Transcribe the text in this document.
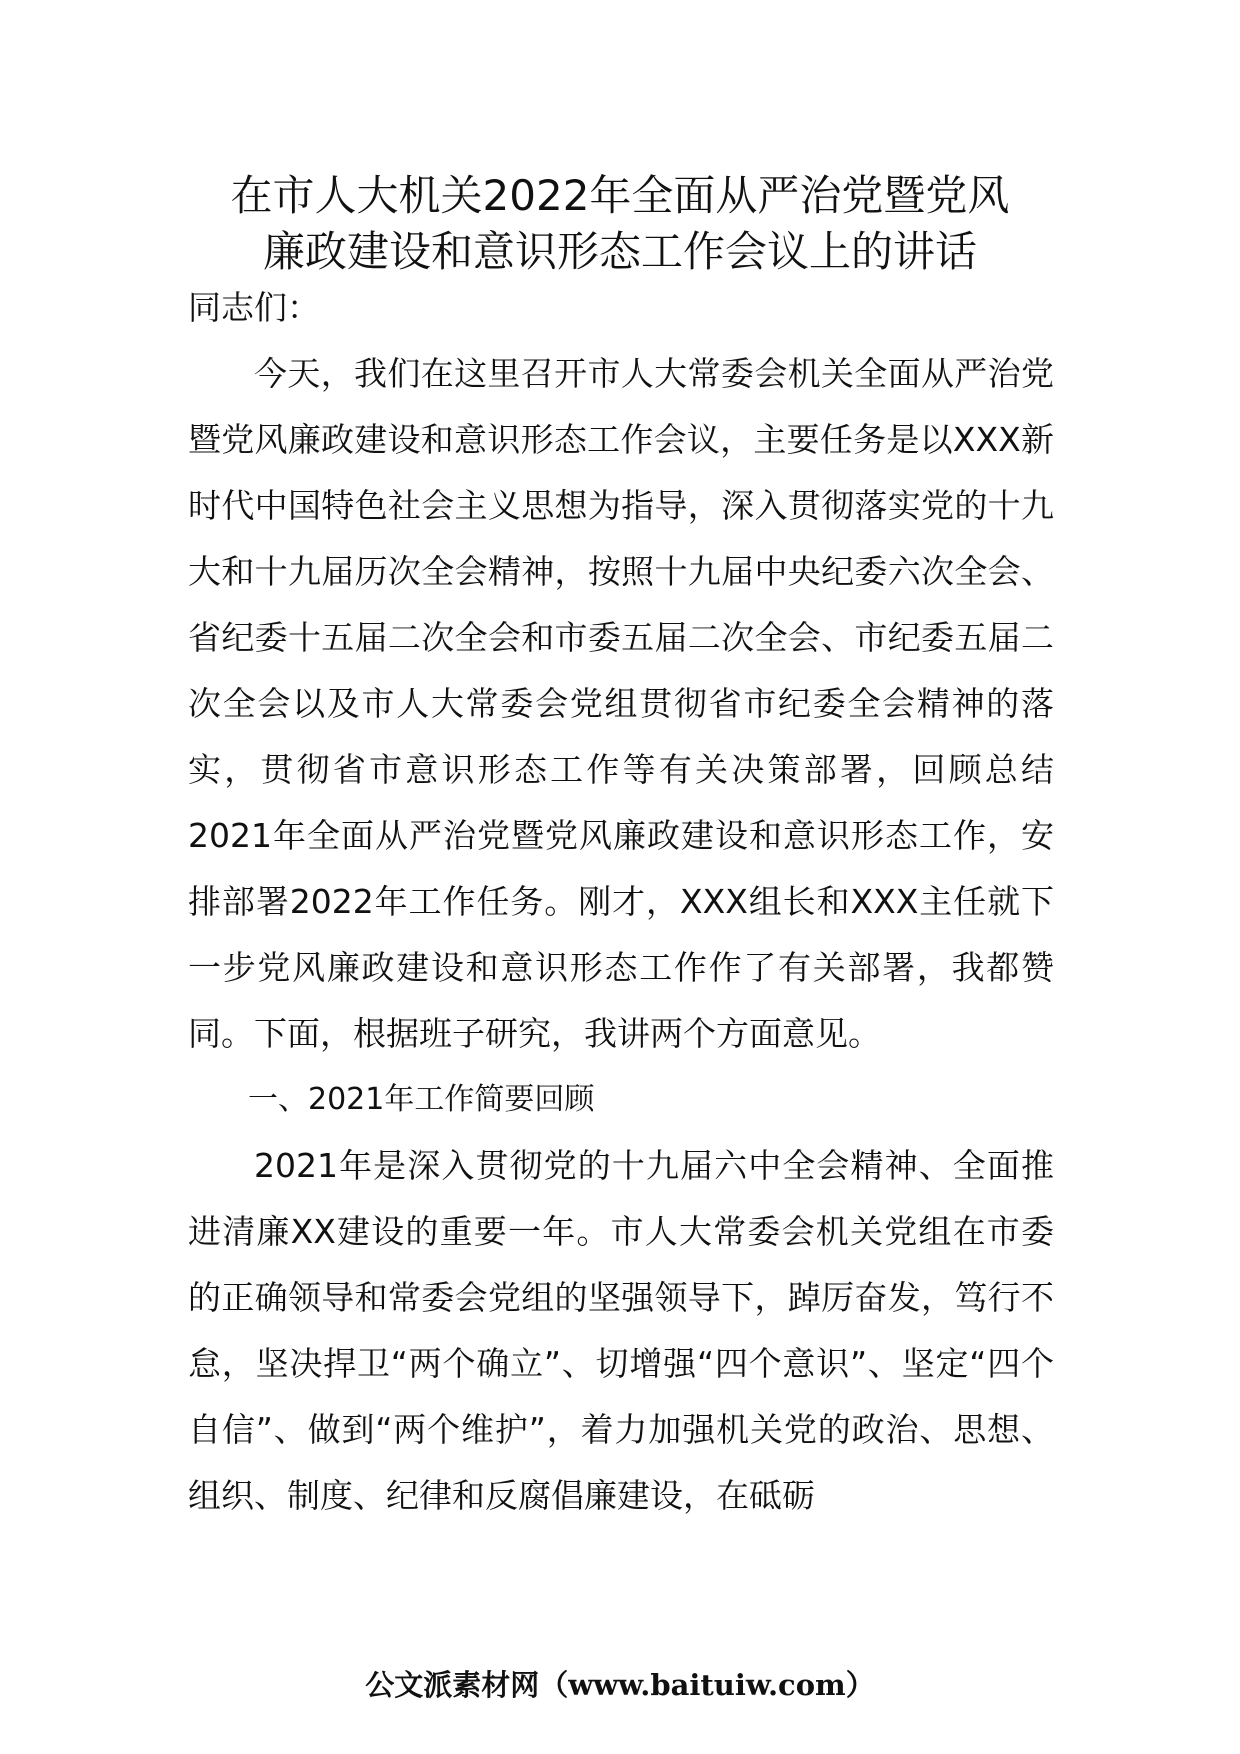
在市人大机关2022年全面从严治党暨党风
廉政建设和意识形态工作会议上的讲话

同志们：

今天，我们在这里召开市人大常委会机关全面从严治党暨党风廉政建设和意识形态工作会议，主要任务是以XXX新时代中国特色社会主义思想为指导，深入贯彻落实党的十九大和十九届历次全会精神，按照十九届中央纪委六次全会、省纪委十五届二次全会和市委五届二次全会、市纪委五届二次全会以及市人大常委会党组贯彻省市纪委全会精神的落实，贯彻省市意识形态工作等有关决策部署，回顾总结2021年全面从严治党暨党风廉政建设和意识形态工作，安排部署2022年工作任务。刚才，XXX组长和XXX主任就下一步党风廉政建设和意识形态工作作了有关部署，我都赞同。下面，根据班子研究，我讲两个方面意见。

一、2021年工作简要回顾

2021年是深入贯彻党的十九届六中全会精神、全面推进清廉XX建设的重要一年。市人大常委会机关党组在市委的正确领导和常委会党组的坚强领导下，踔厉奋发，笃行不怠，坚决捍卫“两个确立”、切增强“四个意识”、坚定“四个自信”、做到“两个维护”，着力加强机关党的政治、思想、组织、制度、纪律和反腐倡廉建设，在砥砺

公文派素材网（www.baituiw.com）
